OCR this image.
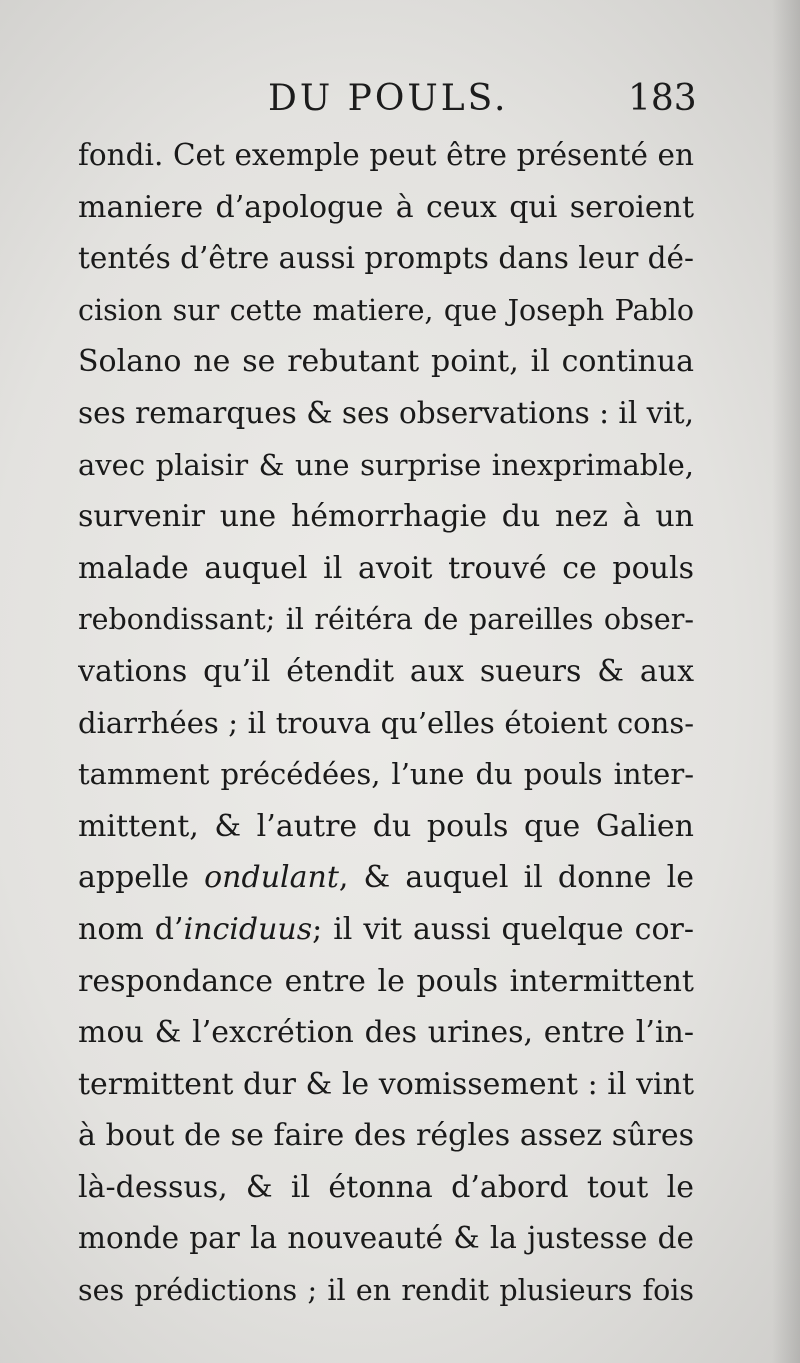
DU POULS.	183
fondi. Cet exemple peut être présenté en
maniere d’apologue à ceux qui seroient
tentés d’être aussi prompts dans leur dé-
cision sur cette matiere, que Joseph Pablo
Solano ne se rebutant point, il continua
ses remarques & ses observations : il vit,
avec plaisir & une surprise inexprimable,
survenir une hémorrhagie du nez à un
malade auquel il avoit trouvé ce pouls
rebondissant; il réitéra de pareilles obser-
vations qu’il étendit aux sueurs & aux
diarrhées ; il trouva qu’elles étoient cons-
tamment précédées, l’une du pouls inter-
mittent, & l’autre du pouls que Galien
appelle ondulant, & auquel il donne le
nom d’inciduus; il vit aussi quelque cor-
respondance entre le pouls intermittent
mou & l’excrétion des urines, entre l’in-
termittent dur & le vomissement : il vint
à bout de se faire des régles assez sûres
là-dessus, & il étonna d’abord tout le
monde par la nouveauté & la justesse de
ses prédictions ; il en rendit plusieurs fois
